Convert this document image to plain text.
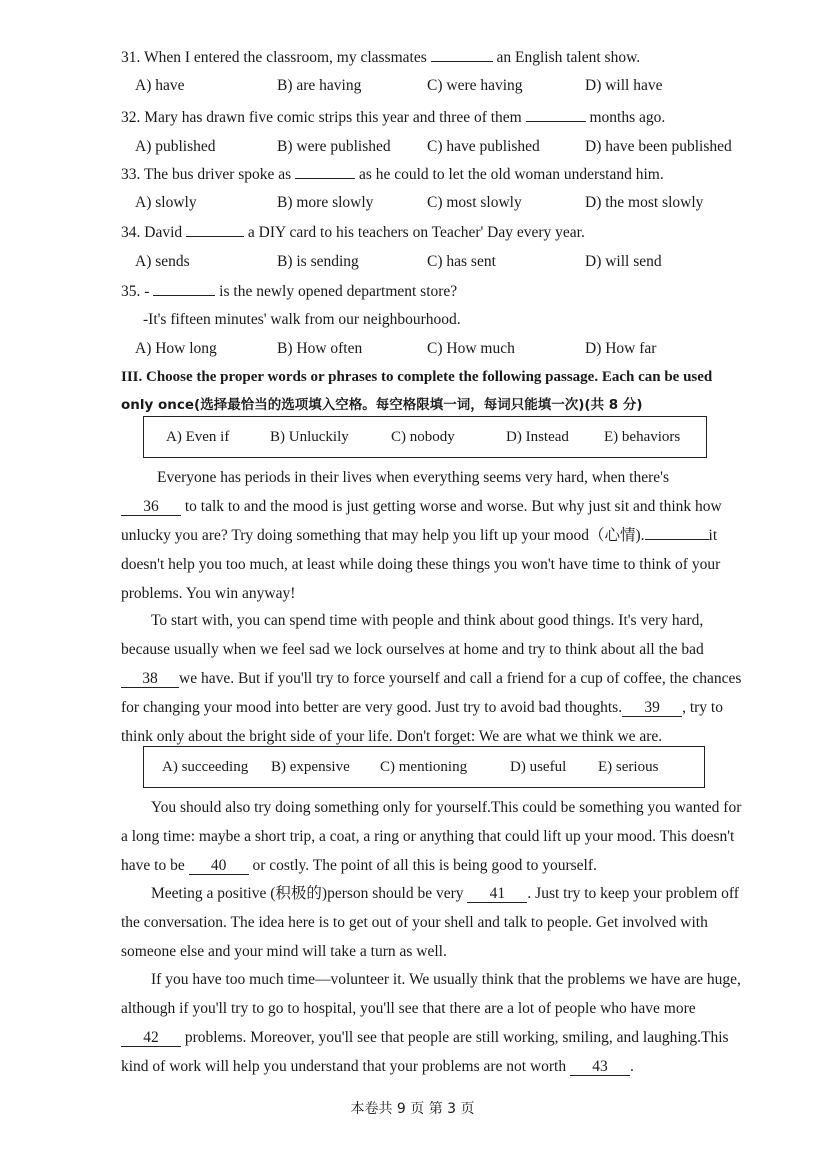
31. When I entered the classroom, my classmates	an English talent show.
A) have	B) are having	C) were having	D) will have
32. Mary has drawn five comic strips this year and three of them	months ago.
A) published	B) were published C) have published	D) have been published
33. The bus driver spoke as	as he could to let the old woman understand him.
A) slowly	B) more slowly	C) most slowly	D) the most slowly
34. David	a DIY card to his teachers on Teacher' Day every year.
A) sends	B) is sending	C) has sent	D) will send
35. -	is the newly opened department store?
-It's fifteen minutes' walk from our neighbourhood.
A) How long	B) How often	C) How much	D) How far
III. Choose the proper words or phrases to complete the following passage. Each can be used
only once(选择最恰当的选项填入空格。每空格限填一词，每词只能填一次)(共 8 分)
A) Even if	B) Unluckily	C) nobody	D) Instead E) behaviors
Everyone has periods in their lives when everything seems very hard, when there's
36 to talk to and the mood is just getting worse and worse. But why just sit and think how
unlucky you are? Try doing something that may help you lift up your mood（心情).	it
doesn't help you too much, at least while doing these things you won't have time to think of your
problems. You win anyway!
To start with, you can spend time with people and think about good things. It's very hard,
because usually when we feel sad we lock ourselves at home and try to think about all the bad
38 we have. But if you'll try to force yourself and call a friend for a cup of coffee, the chances
for changing your mood into better are very good. Just try to avoid bad thoughts. 39 , try to
think only about the bright side of your life. Don't forget: We are what we think we are.
A) succeeding B) expensive C) mentioning	D) useful E) serious
You should also try doing something only for yourself.This could be something you wanted for
a long time: maybe a short trip, a coat, a ring or anything that could lift up your mood. This doesn't
have to be 40 or costly. The point of all this is being good to yourself.
Meeting a positive (积极的)person should be very 41 . Just try to keep your problem off
the conversation. The idea here is to get out of your shell and talk to people. Get involved with
someone else and your mind will take a turn as well.
If you have too much time—volunteer it. We usually think that the problems we have are huge,
although if you'll try to go to hospital, you'll see that there are a lot of people who have more
42 problems. Moreover, you'll see that people are still working, smiling, and laughing.This
kind of work will help you understand that your problems are not worth 43 .
本卷共 9 页 第 3 页
